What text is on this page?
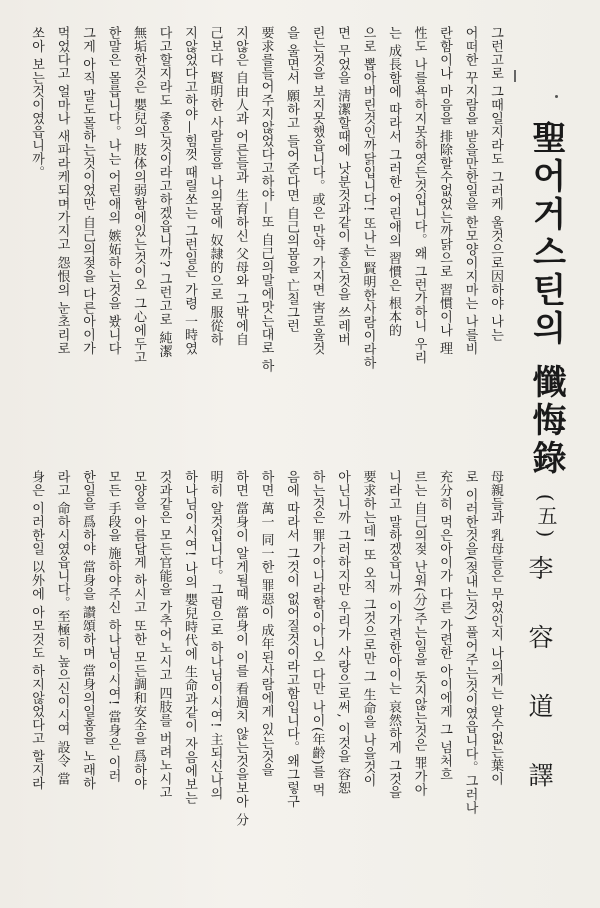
聖어거스틴의 懺悔錄 (五)
李 容 道 譯
母親들과 乳母들은 무었인지 나의게는 알수없는葉이
로 이러한것을(젖내는것) 풀어주는것이였읍니다。그러나
充分히 먹은아이가 다른 가련한 아이에게 그 넘처흐
르는 自己의젖 난워(分)주는일을 돗지않는것은 罪가아
니라고 말하겠읍니까 이가련한아이는 哀然하게 그것을
要求하는데! 또 오직 그것으로만 그 生命을 나을것이
아닌니까 그러하지만 우리가 사랑으로써, 이것을 容恕
하는것은 罪가아니라함이아니오 다만 나이(年齡)를 먹
음에 따라서 그것이 없어질것이라고함입니다。왜그렇구
하면 萬一 同一한 罪惡이 成年된사람에게 있는것을
하면 當身이 알게될때 當身이 이를 看過치 않는것을보아 分
明히 알것입니다。그럼으로 하나님이시여! 主되신나의
하나님이시여! 나의 嬰兒時代에 生命과같이 자음에보는
것과같은 모든官能을 가추어노시고 四肢를 버려노시고
모양을 아름답게 하시고 또한 모든調和安全을 爲하야
모든 手段을 施하야주신 하나님이시여! 當身은 이러
한일을 爲하야 當身을 讃頌하며 當身의일홈을 노래하
라고 命하시였읍니다。至極히 높으신이시여 設令 當
身은 이러한일 以外에 아모것도 하지않었다고 할지라
그런고로 그때일지라도 그러케 울것으로因하야 나는
어떠한 꾸지람을 받을만한일을 한모양이지마는 나를비
란함이나 마음을 排除할수없었는까닭으로 習慣이나 理
性도 나를욕하지못하엿든것입니다。왜 그런가하니 우리
는 成長함에 따라서 그러한 어린애의 習慣은 根本的
으로 뽑아버린것인까닭입니다! 또나는 賢明한사람이라하
면 무었을 淸潔할때에 낫분것과같이 좋은것을 쓰레버
린는것을 보지못했읍니다。或은 만약 가지면 害로울것
을 울면서 願하고 들어준다면 自己의몸을 亡칠그런
要求를들어주지않었다고하야—또 自己의말에맛는대로 하
지않은 自由人과 어른들과 生育하신 父母와 그밖에自
己보다 賢明한 사람들을 나의몸에 奴隷的으로 服從하
지않었다고하야—힘껏 때릴쏘는 그런일은 가령 一時였
다고할지라도 좋은것이라고하겠읍니까? 그런고로 純潔
無垢한것은 嬰兒의 肢体의弱함에있는것이오 그心에두고
한말은 몰릅니다。나는 어린애의 嫉妬하는것을 봤니다
그게 아직 말도몰하는것이었만 自己의젖을 다른아이가
먹었다고 얼마나 새파라케되며가지고 怨恨의 눈초리로
쏘아 보는것이였읍니까。
